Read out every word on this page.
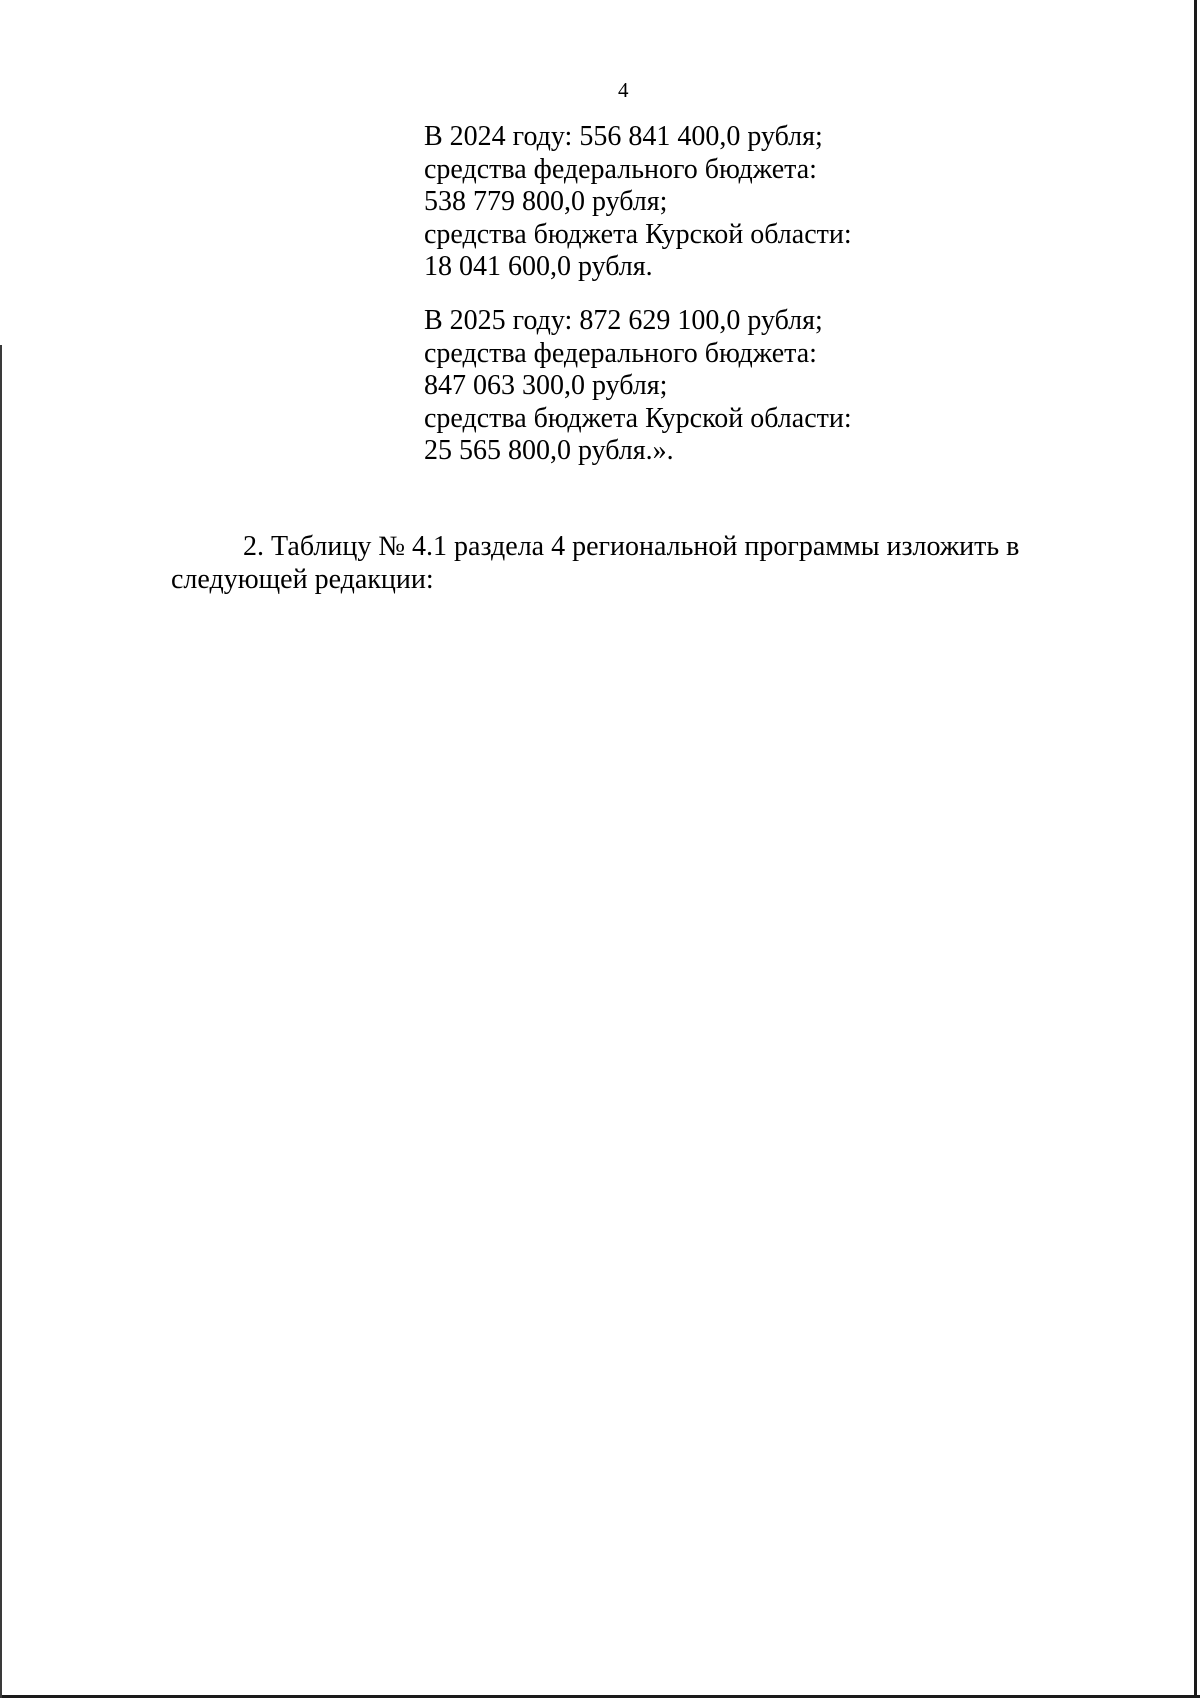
4
В 2024 году: 556 841 400,0 рубля;
средства федерального бюджета:
538 779 800,0 рубля;
средства бюджета Курской области:
18 041 600,0 рубля.
В 2025 году: 872 629 100,0 рубля;
средства федерального бюджета:
847 063 300,0 рубля;
средства бюджета Курской области:
25 565 800,0 рубля.».
2. Таблицу № 4.1 раздела 4 региональной программы изложить в
следующей редакции:
